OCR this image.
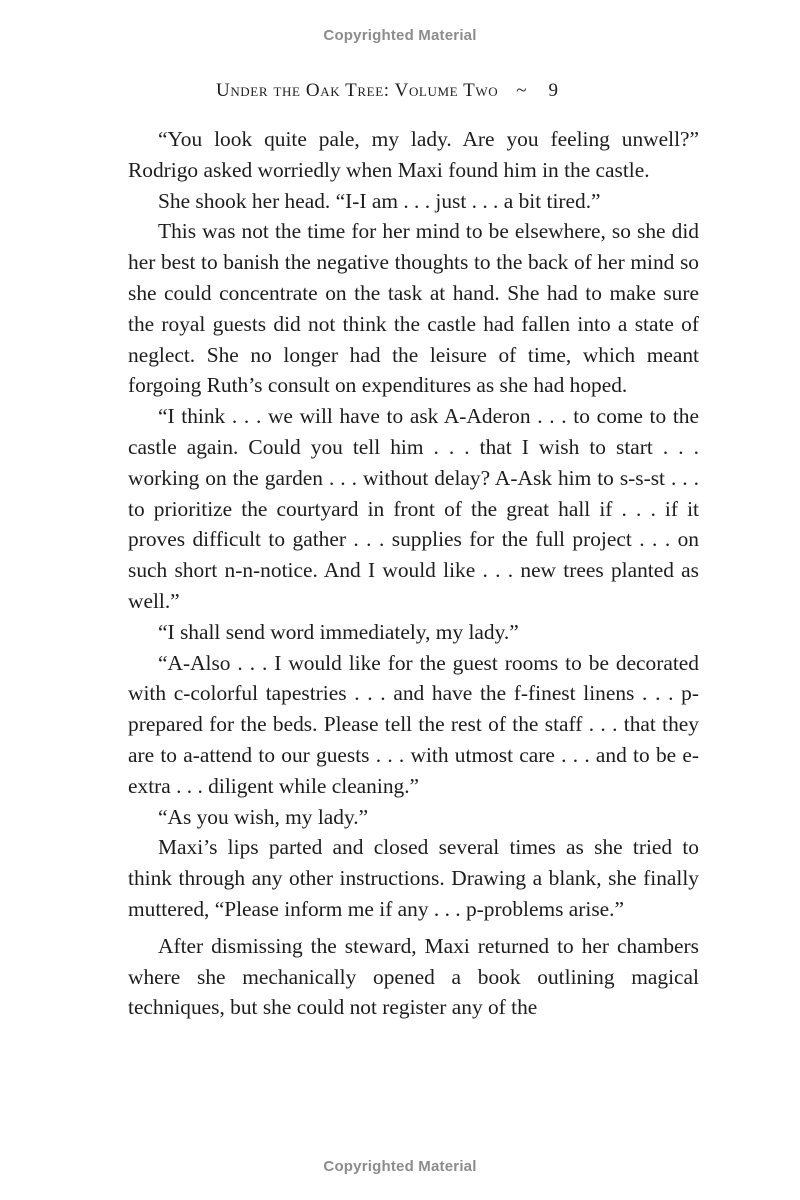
Copyrighted Material
Under the Oak Tree: Volume Two ~ 9

“You look quite pale, my lady. Are you feeling unwell?” Rodrigo asked worriedly when Maxi found him in the castle.

She shook her head. “I-I am . . . just . . . a bit tired.”

This was not the time for her mind to be elsewhere, so she did her best to banish the negative thoughts to the back of her mind so she could concentrate on the task at hand. She had to make sure the royal guests did not think the castle had fallen into a state of neglect. She no longer had the leisure of time, which meant forgoing Ruth’s consult on expenditures as she had hoped.

“I think . . . we will have to ask A-Aderon . . . to come to the castle again. Could you tell him . . . that I wish to start . . . working on the garden . . . without delay? A-Ask him to s-s-st . . . to prioritize the courtyard in front of the great hall if . . . if it proves difficult to gather . . . supplies for the full project . . . on such short n-n-notice. And I would like . . . new trees planted as well.”

“I shall send word immediately, my lady.”

“A-Also . . . I would like for the guest rooms to be decorated with c-colorful tapestries . . . and have the f-finest linens . . . p-prepared for the beds. Please tell the rest of the staff . . . that they are to a-attend to our guests . . . with utmost care . . . and to be e-extra . . . diligent while cleaning.”

“As you wish, my lady.”

Maxi’s lips parted and closed several times as she tried to think through any other instructions. Drawing a blank, she finally muttered, “Please inform me if any . . . p-problems arise.”

After dismissing the steward, Maxi returned to her chambers where she mechanically opened a book outlining magical techniques, but she could not register any of the

Copyrighted Material
